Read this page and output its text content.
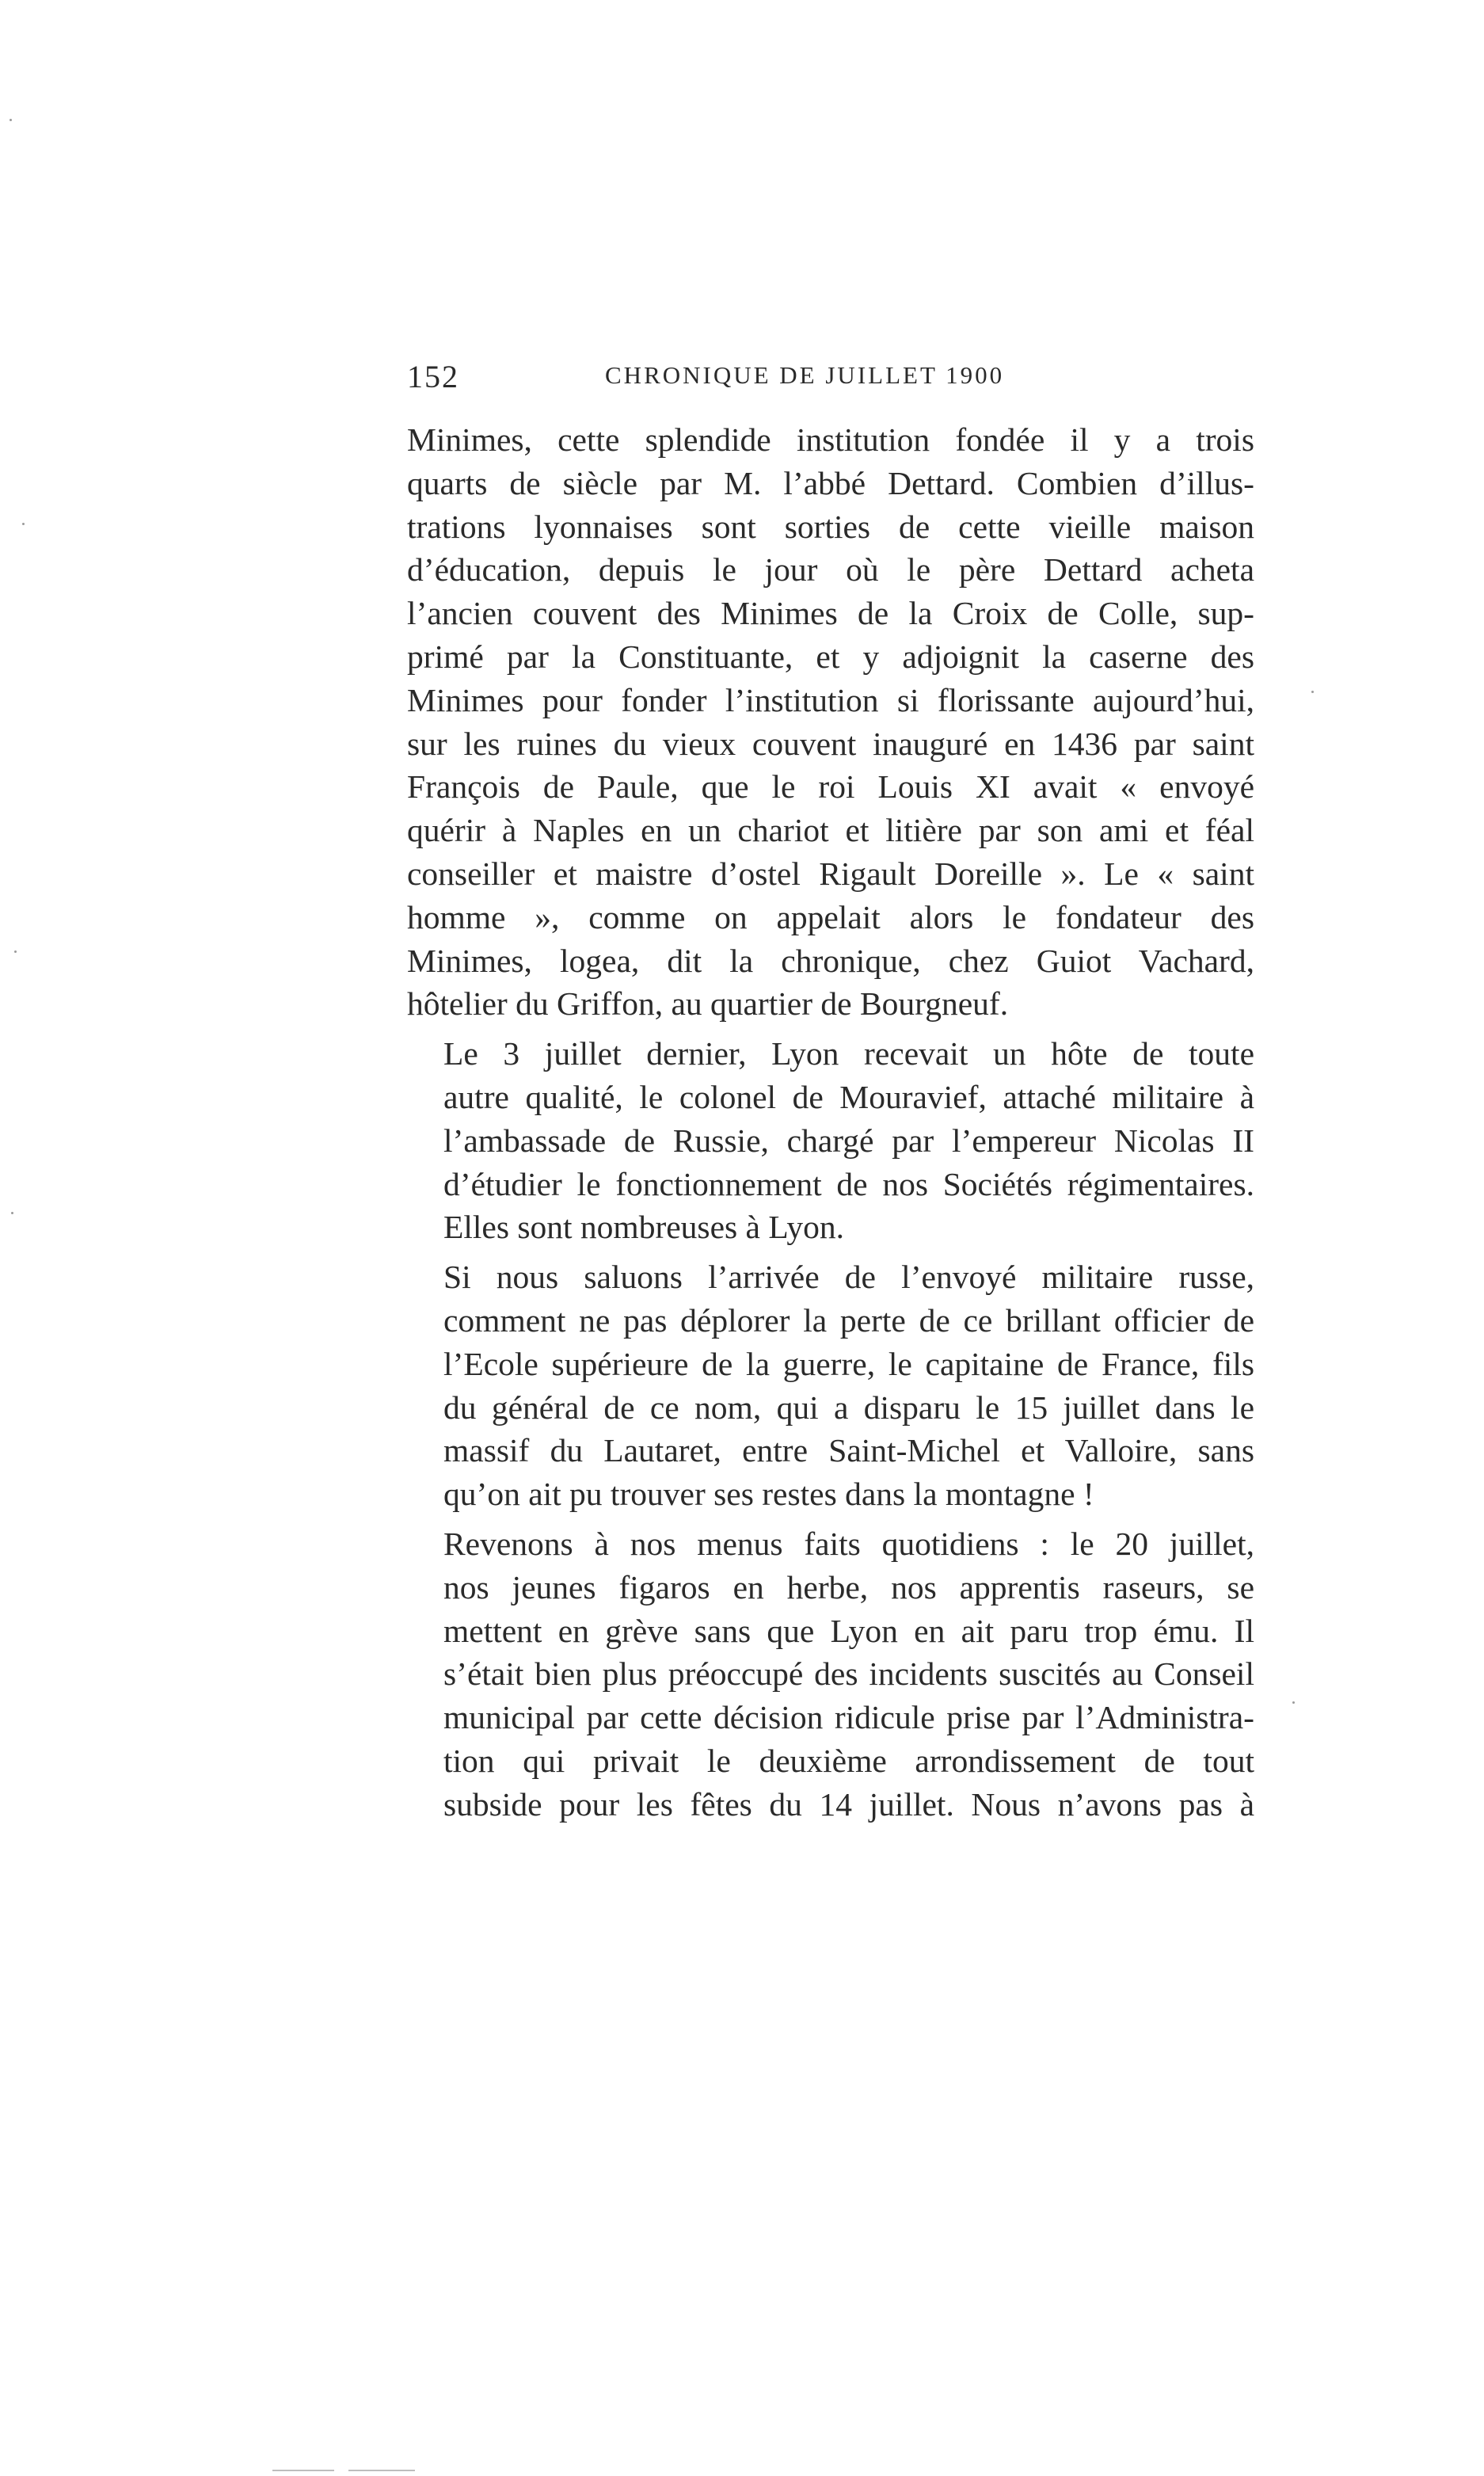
152	CHRONIQUE DE JUILLET 1900

Minimes, cette splendide institution fondée il y a trois
quarts de siècle par M. l’abbé Dettard. Combien d’illus-
trations lyonnaises sont sorties de cette vieille maison
d’éducation, depuis le jour où le père Dettard acheta
l’ancien couvent des Minimes de la Croix de Colle, sup-
primé par la Constituante, et y adjoignit la caserne des
Minimes pour fonder l’institution si florissante aujourd’hui,
sur les ruines du vieux couvent inauguré en 1436 par saint
François de Paule, que le roi Louis XI avait « envoyé
quérir à Naples en un chariot et litière par son ami et féal
conseiller et maistre d’ostel Rigault Doreille ». Le « saint
homme », comme on appelait alors le fondateur des
Minimes, logea, dit la chronique, chez Guiot Vachard,
hôtelier du Griffon, au quartier de Bourgneuf.

Le 3 juillet dernier, Lyon recevait un hôte de toute
autre qualité, le colonel de Mouravief, attaché militaire à
l’ambassade de Russie, chargé par l’empereur Nicolas II
d’étudier le fonctionnement de nos Sociétés régimentaires.
Elles sont nombreuses à Lyon.

Si nous saluons l’arrivée de l’envoyé militaire russe,
comment ne pas déplorer la perte de ce brillant officier de
l’Ecole supérieure de la guerre, le capitaine de France, fils
du général de ce nom, qui a disparu le 15 juillet dans le
massif du Lautaret, entre Saint-Michel et Valloire, sans
qu’on ait pu trouver ses restes dans la montagne !

Revenons à nos menus faits quotidiens : le 20 juillet,
nos jeunes figaros en herbe, nos apprentis raseurs, se
mettent en grève sans que Lyon en ait paru trop ému. Il
s’était bien plus préoccupé des incidents suscités au Conseil
municipal par cette décision ridicule prise par l’Administra-
tion qui privait le deuxième arrondissement de tout
subside pour les fêtes du 14 juillet. Nous n’avons pas à
